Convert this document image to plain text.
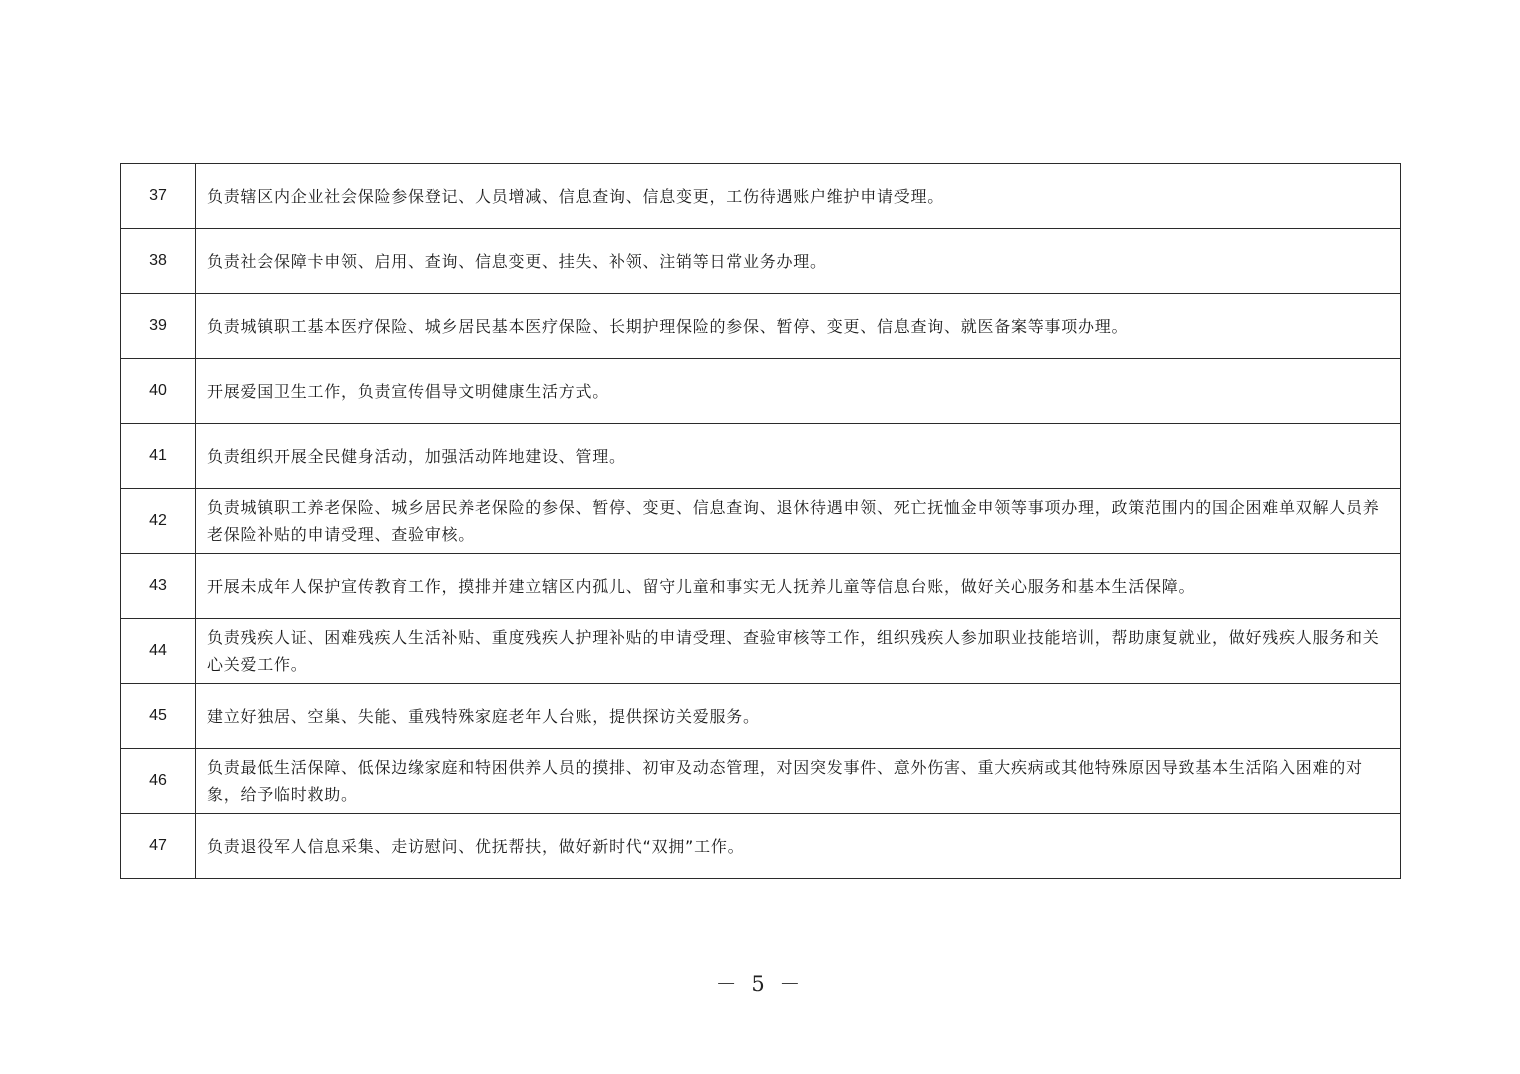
37	负责辖区内企业社会保险参保登记、人员增减、信息查询、信息变更，工伤待遇账户维护申请受理。
38	负责社会保障卡申领、启用、查询、信息变更、挂失、补领、注销等日常业务办理。
39	负责城镇职工基本医疗保险、城乡居民基本医疗保险、长期护理保险的参保、暂停、变更、信息查询、就医备案等事项办理。
40	开展爱国卫生工作，负责宣传倡导文明健康生活方式。
41	负责组织开展全民健身活动，加强活动阵地建设、管理。
42	负责城镇职工养老保险、城乡居民养老保险的参保、暂停、变更、信息查询、退休待遇申领、死亡抚恤金申领等事项办理，政策范围内的国企困难单双解人员养老保险补贴的申请受理、查验审核。
43	开展未成年人保护宣传教育工作，摸排并建立辖区内孤儿、留守儿童和事实无人抚养儿童等信息台账，做好关心服务和基本生活保障。
44	负责残疾人证、困难残疾人生活补贴、重度残疾人护理补贴的申请受理、查验审核等工作，组织残疾人参加职业技能培训，帮助康复就业，做好残疾人服务和关心关爱工作。
45	建立好独居、空巢、失能、重残特殊家庭老年人台账，提供探访关爱服务。
46	负责最低生活保障、低保边缘家庭和特困供养人员的摸排、初审及动态管理，对因突发事件、意外伤害、重大疾病或其他特殊原因导致基本生活陷入困难的对象，给予临时救助。
47	负责退役军人信息采集、走访慰问、优抚帮扶，做好新时代“双拥”工作。
－ 5 －
